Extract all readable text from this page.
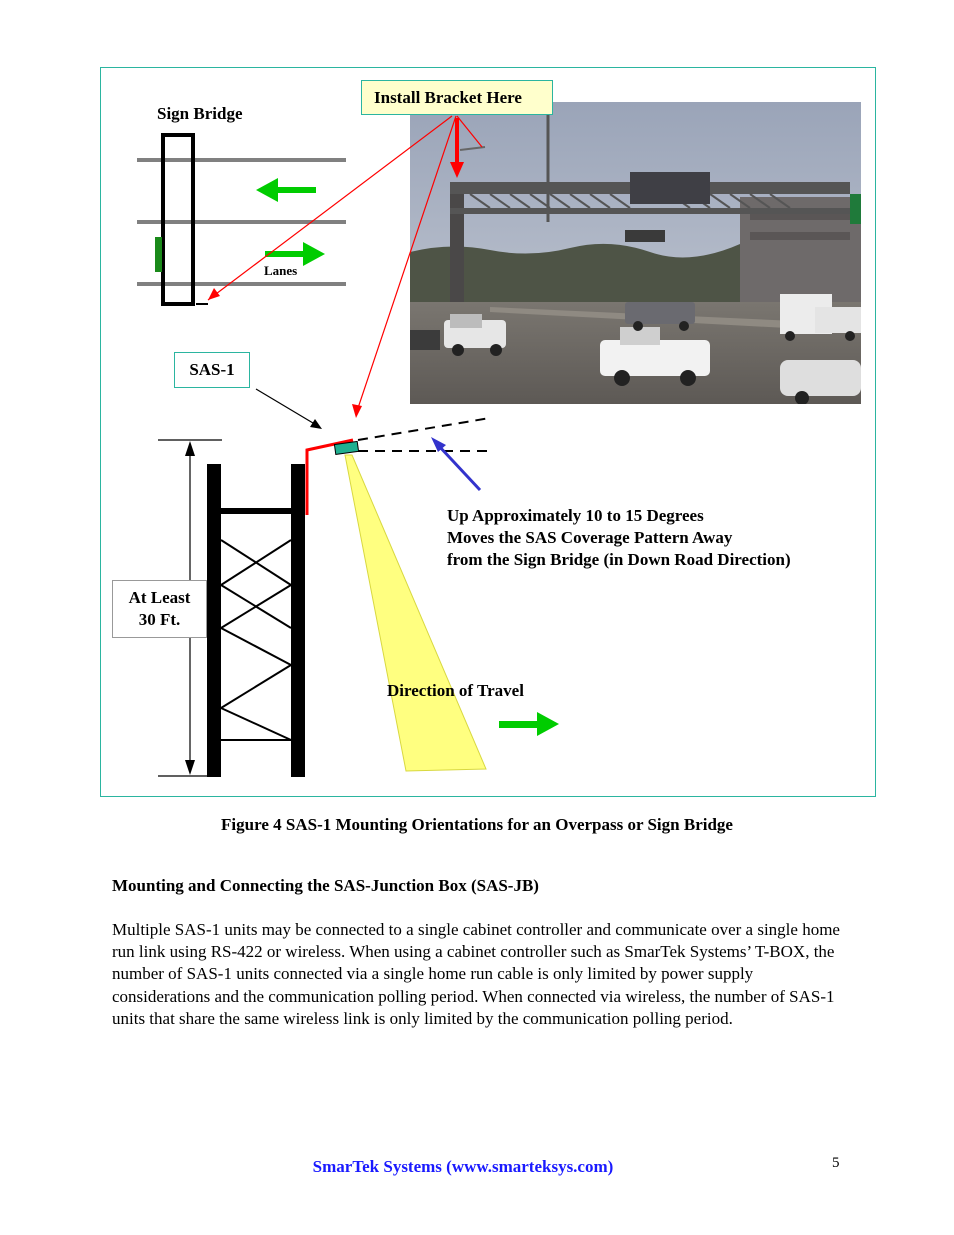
Sign Bridge
Install Bracket Here
Lanes
SAS-1
At Least
30 Ft.
Up Approximately 10 to 15 Degrees
Moves the SAS Coverage Pattern Away
from the Sign Bridge (in Down Road Direction)
Direction of Travel
Figure 4 SAS-1 Mounting Orientations for an Overpass or Sign Bridge
Mounting and Connecting the SAS-Junction Box (SAS-JB)
Multiple SAS-1 units may be connected to a single cabinet controller and communicate over a single home run link using RS-422 or wireless. When using a cabinet controller such as SmarTek Systems’ T-BOX, the number of SAS-1 units connected via a single home run cable is only limited by power supply considerations and the communication polling period. When connected via wireless, the number of SAS-1 units that share the same wireless link is only limited by the communication polling period.
SmarTek Systems (www.smarteksys.com)	5
